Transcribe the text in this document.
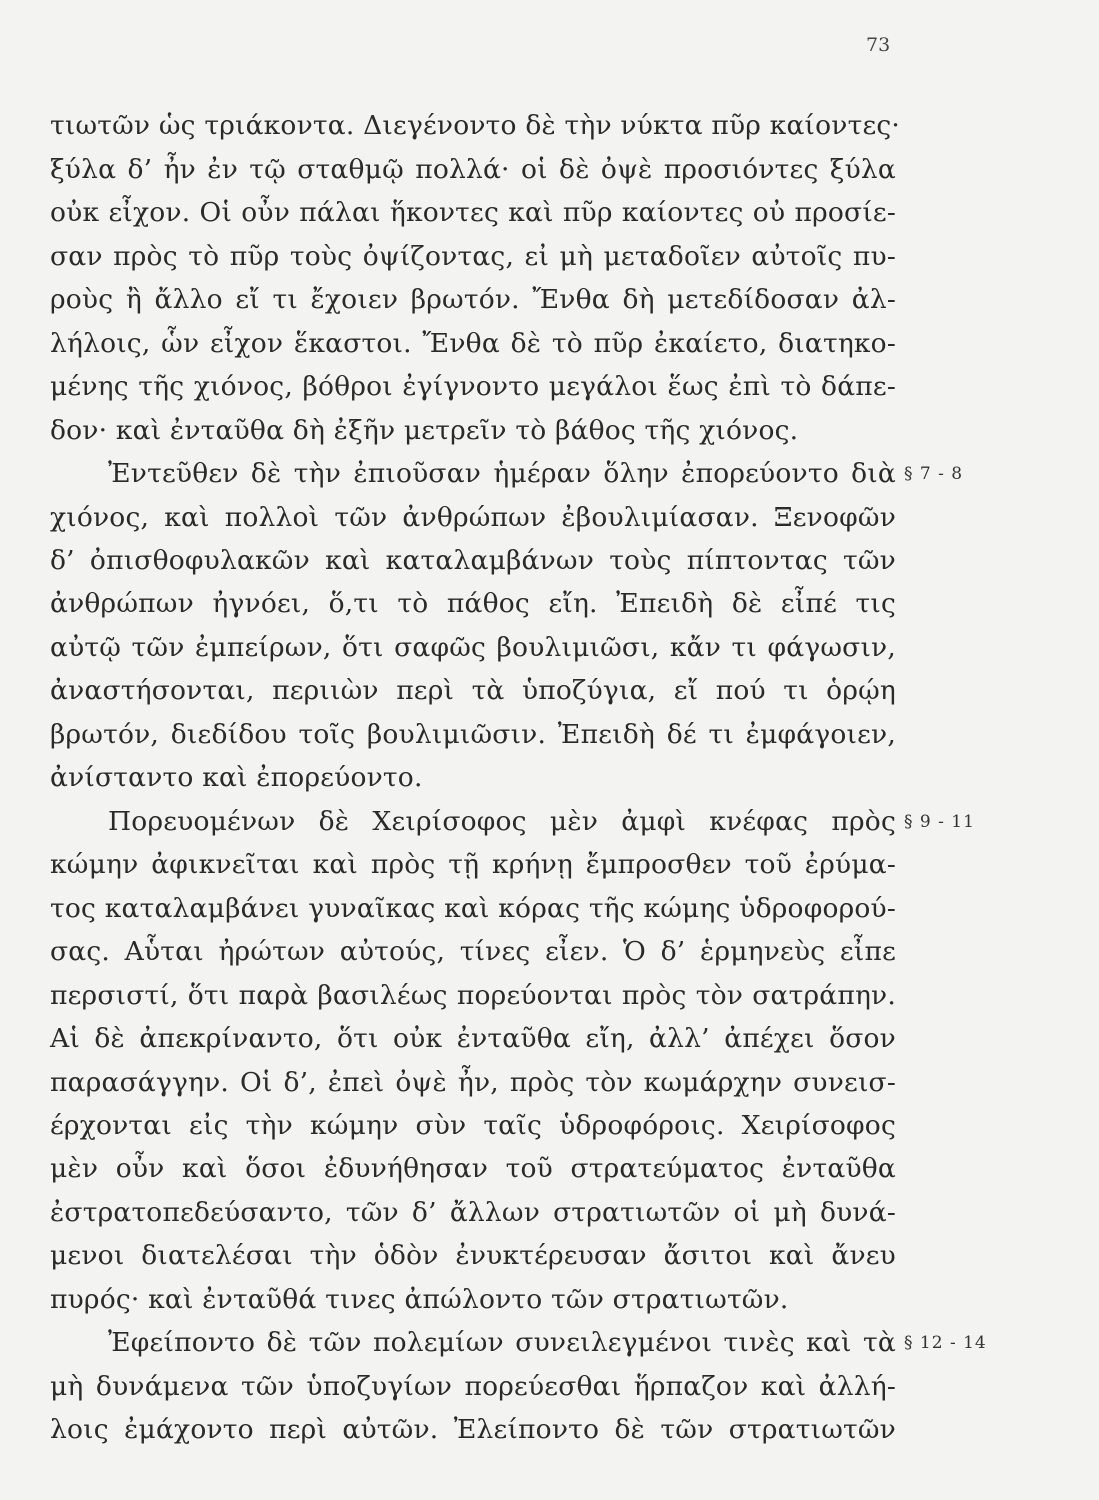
73
τιωτῶν ὡς τριάκοντα. Διεγένοντο δὲ τὴν νύκτα πῦρ καίοντες·
ξύλα δ’ ἦν ἐν τῷ σταθμῷ πολλά· οἱ δὲ ὀψὲ προσιόντες ξύλα
οὐκ εἶχον. Οἱ οὖν πάλαι ἥκοντες καὶ πῦρ καίοντες οὐ προσίε-
σαν πρὸς τὸ πῦρ τοὺς ὀψίζοντας, εἰ μὴ μεταδοῖεν αὐτοῖς πυ-
ροὺς ἢ ἄλλο εἴ τι ἔχοιεν βρωτόν. Ἔνθα δὴ μετεδίδοσαν ἀλ-
λήλοις, ὧν εἶχον ἕκαστοι. Ἔνθα δὲ τὸ πῦρ ἐκαίετο, διατηκο-
μένης τῆς χιόνος, βόθροι ἐγίγνοντο μεγάλοι ἕως ἐπὶ τὸ δάπε-
δον· καὶ ἐνταῦθα δὴ ἐξῆν μετρεῖν τὸ βάθος τῆς χιόνος.
Ἐντεῦθεν δὲ τὴν ἐπιοῦσαν ἡμέραν ὅλην ἐπορεύοντο διὰ § 7 - 8
χιόνος, καὶ πολλοὶ τῶν ἀνθρώπων ἐβουλιμίασαν. Ξενοφῶν
δ’ ὀπισθοφυλακῶν καὶ καταλαμβάνων τοὺς πίπτοντας τῶν
ἀνθρώπων ἠγνόει, ὅ,τι τὸ πάθος εἴη. Ἐπειδὴ δὲ εἶπέ τις
αὐτῷ τῶν ἐμπείρων, ὅτι σαφῶς βουλιμιῶσι, κἄν τι φάγωσιν,
ἀναστήσονται, περιιὼν περὶ τὰ ὑποζύγια, εἴ πού τι ὁρῴη
βρωτόν, διεδίδου τοῖς βουλιμιῶσιν. Ἐπειδὴ δέ τι ἐμφάγοιεν,
ἀνίσταντο καὶ ἐπορεύοντο.
Πορευομένων δὲ Χειρίσοφος μὲν ἀμφὶ κνέφας πρὸς § 9 - 11
κώμην ἀφικνεῖται καὶ πρὸς τῇ κρήνῃ ἔμπροσθεν τοῦ ἐρύμα-
τος καταλαμβάνει γυναῖκας καὶ κόρας τῆς κώμης ὑδροφορού-
σας. Αὗται ἠρώτων αὐτούς, τίνες εἶεν. Ὁ δ’ ἑρμηνεὺς εἶπε
περσιστί, ὅτι παρὰ βασιλέως πορεύονται πρὸς τὸν σατράπην.
Αἱ δὲ ἀπεκρίναντο, ὅτι οὐκ ἐνταῦθα εἴη, ἀλλ’ ἀπέχει ὅσον
παρασάγγην. Οἱ δ’, ἐπεὶ ὀψὲ ἦν, πρὸς τὸν κωμάρχην συνεισ-
έρχονται εἰς τὴν κώμην σὺν ταῖς ὑδροφόροις. Χειρίσοφος
μὲν οὖν καὶ ὅσοι ἐδυνήθησαν τοῦ στρατεύματος ἐνταῦθα
ἐστρατοπεδεύσαντο, τῶν δ’ ἄλλων στρατιωτῶν οἱ μὴ δυνά-
μενοι διατελέσαι τὴν ὁδὸν ἐνυκτέρευσαν ἄσιτοι καὶ ἄνευ
πυρός· καὶ ἐνταῦθά τινες ἀπώλοντο τῶν στρατιωτῶν.
Ἐφείποντο δὲ τῶν πολεμίων συνειλεγμένοι τινὲς καὶ τὰ § 12 - 14
μὴ δυνάμενα τῶν ὑποζυγίων πορεύεσθαι ἥρπαζον καὶ ἀλλή-
λοις ἐμάχοντο περὶ αὐτῶν. Ἐλείποντο δὲ τῶν στρατιωτῶν
